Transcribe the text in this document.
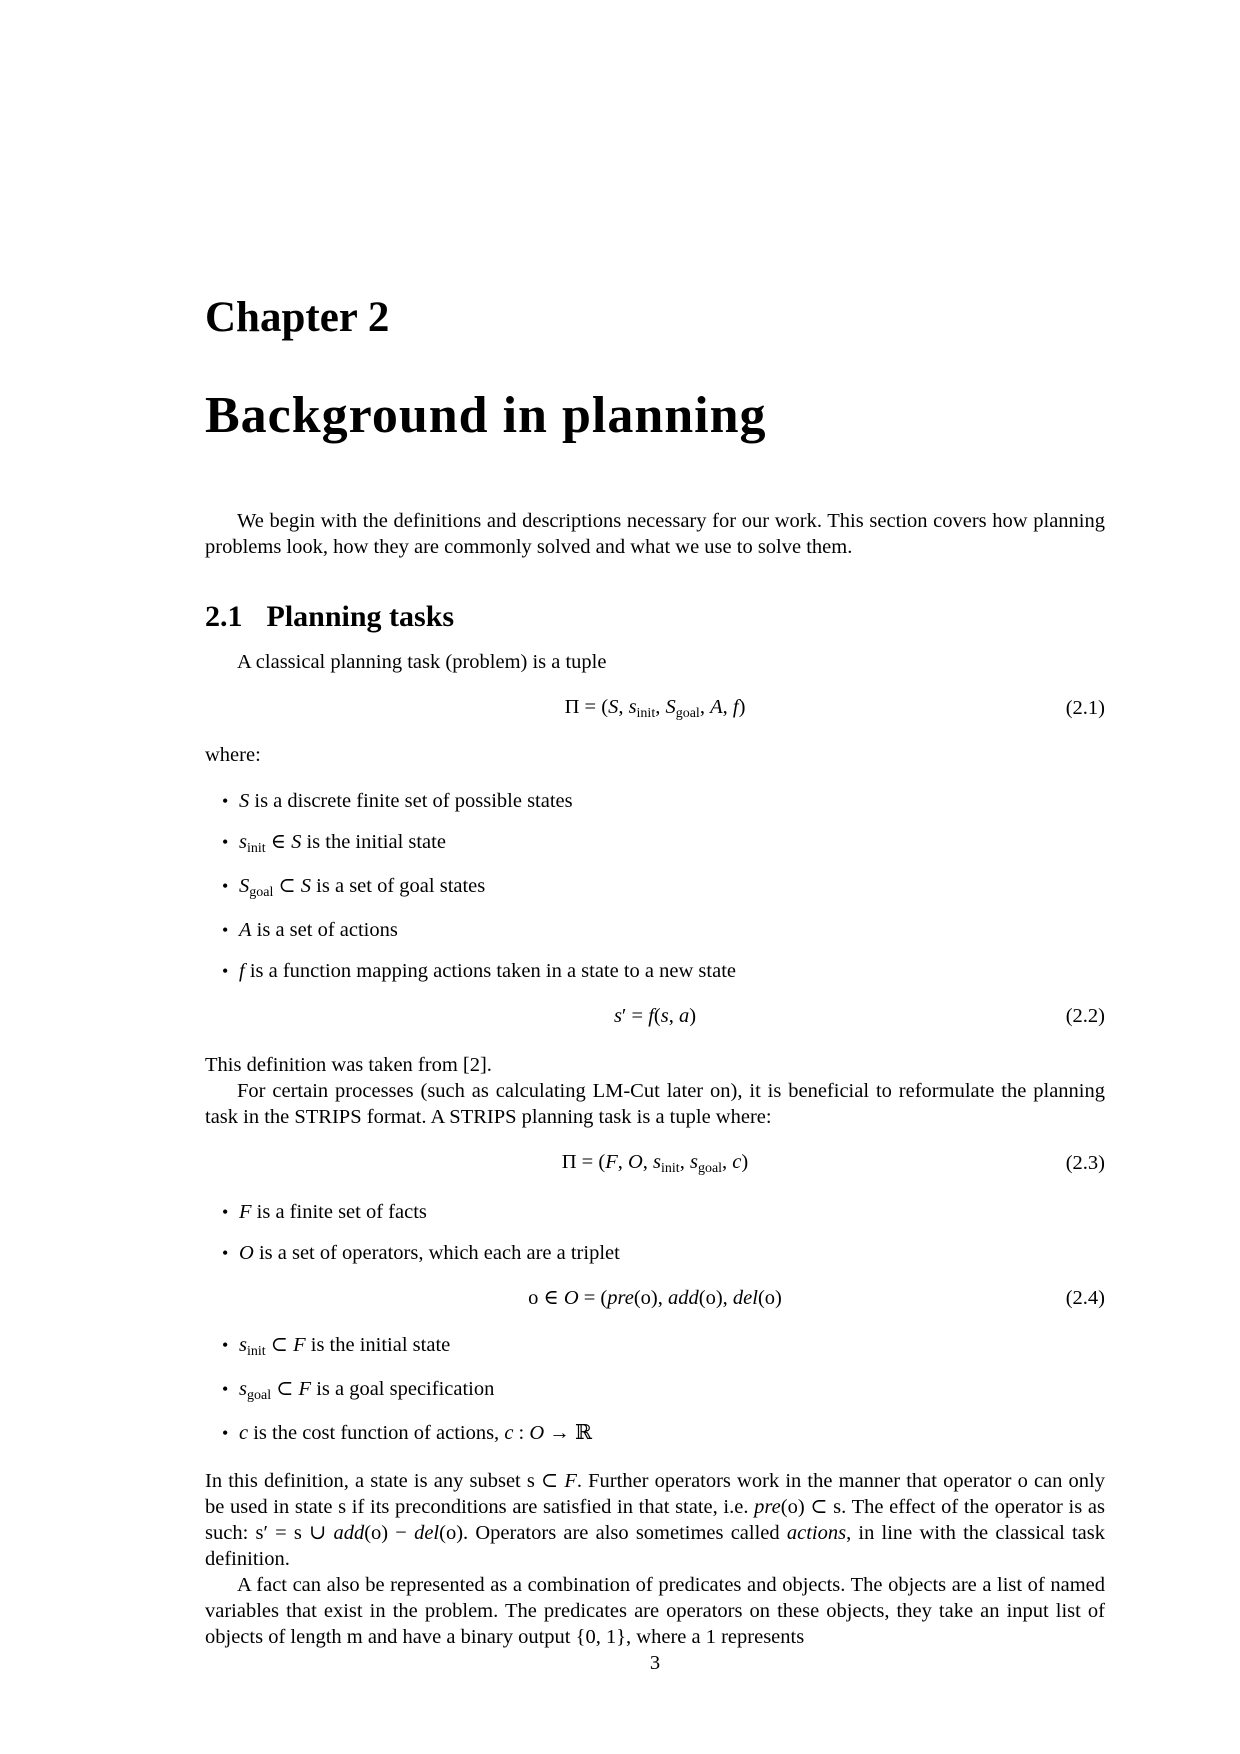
Chapter 2
Background in planning

We begin with the definitions and descriptions necessary for our work. This section covers how planning problems look, how they are commonly solved and what we use to solve them.

2.1 Planning tasks

A classical planning task (problem) is a tuple

Π = (S, sinit, Sgoal, A, f)	(2.1)

where:

• S is a discrete finite set of possible states
• sinit ∈ S is the initial state
• Sgoal ⊂ S is a set of goal states
• A is a set of actions
• f is a function mapping actions taken in a state to a new state
s′ = f(s, a)	(2.2)

This definition was taken from [2].

For certain processes (such as calculating LM-Cut later on), it is beneficial to reformulate the planning task in the STRIPS format. A STRIPS planning task is a tuple where:

Π = (F, O, sinit, sgoal, c)	(2.3)
• F is a finite set of facts
• O is a set of operators, which each are a triplet
o ∈ O = (pre(o), add(o), del(o)	(2.4)
• sinit ⊂ F is the initial state
• sgoal ⊂ F is a goal specification
• c is the cost function of actions, c : O → ℝ

In this definition, a state is any subset s ⊂ F. Further operators work in the manner that operator o can only be used in state s if its preconditions are satisfied in that state, i.e. pre(o) ⊂ s. The effect of the operator is as such: s′ = s ∪ add(o) − del(o). Operators are also sometimes called actions, in line with the classical task definition.

A fact can also be represented as a combination of predicates and objects. The objects are a list of named variables that exist in the problem. The predicates are operators on these objects, they take an input list of objects of length m and have a binary output {0, 1}, where a 1 represents

3
